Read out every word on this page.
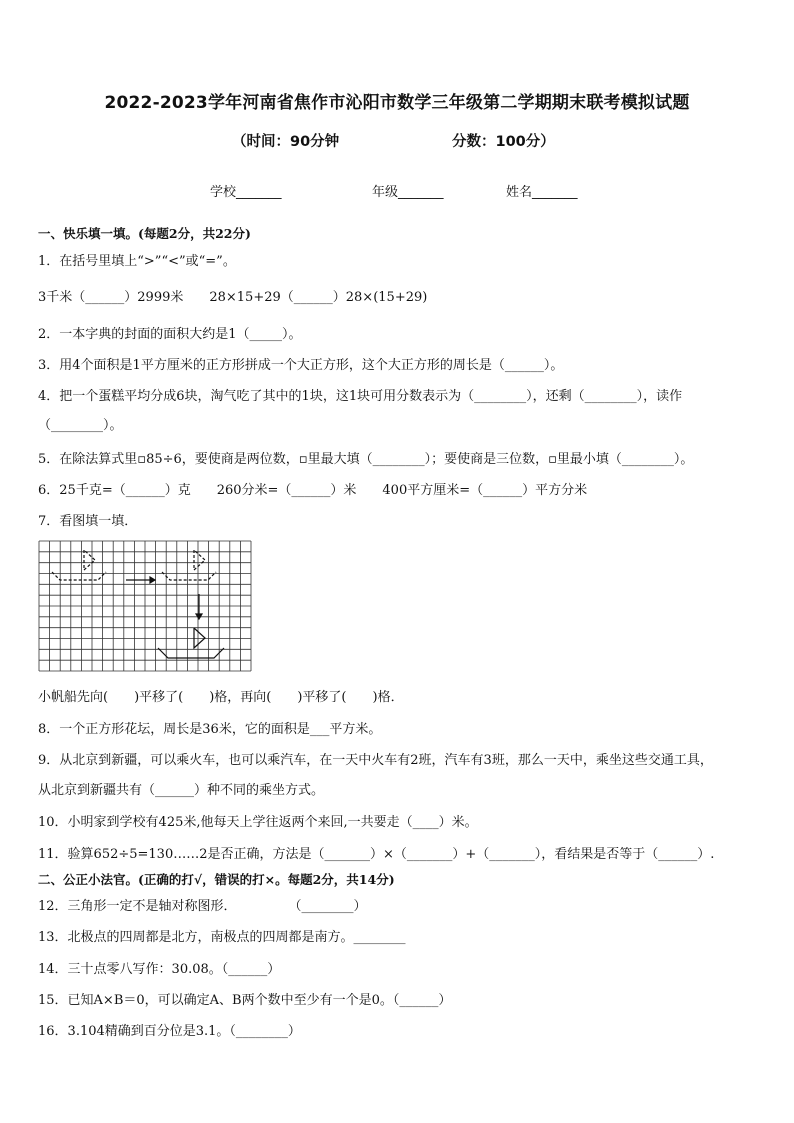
2022-2023学年河南省焦作市沁阳市数学三年级第二学期期末联考模拟试题
（时间：90分钟	分数：100分）
学校_______	年级_______	姓名_______
一、快乐填一填。(每题2分，共22分)
1．在括号里填上“>”“<”或“=”。
3千米（______）2999米　　28×15+29（______）28×(15+29)
2．一本字典的封面的面积大约是1（_____）。
3．用4个面积是1平方厘米的正方形拼成一个大正方形，这个大正方形的周长是（______）。
4．把一个蛋糕平均分成6块，淘气吃了其中的1块，这1块可用分数表示为（________），还剩（________），读作
（________）。
5．在除法算式里▫85÷6，要使商是两位数，▫里最大填（________）；要使商是三位数，▫里最小填（________）。
6．25千克=（______）克　　260分米=（______）米　　400平方厘米=（______）平方分米
7．看图填一填．
小帆船先向(　　)平移了(　　)格，再向(　　)平移了(　　)格．
8．一个正方形花坛，周长是36米，它的面积是___平方米。
9．从北京到新疆，可以乘火车，也可以乘汽车，在一天中火车有2班，汽车有3班，那么一天中，乘坐这些交通工具，
从北京到新疆共有（______）种不同的乘坐方式。
10．小明家到学校有425米,他每天上学往返两个来回,一共要走（____）米。
11．验算652÷5=130……2是否正确，方法是（_______）×（_______）+（_______），看结果是否等于（______）.
二、公正小法官。(正确的打√，错误的打×。每题2分，共14分)
12．三角形一定不是轴对称图形．　　　　　（________）
13．北极点的四周都是北方，南极点的四周都是南方。________
14．三十点零八写作：30.08。（______）
15．已知A×B＝0，可以确定A、B两个数中至少有一个是0。（______）
16．3.104精确到百分位是3.1。（________）
